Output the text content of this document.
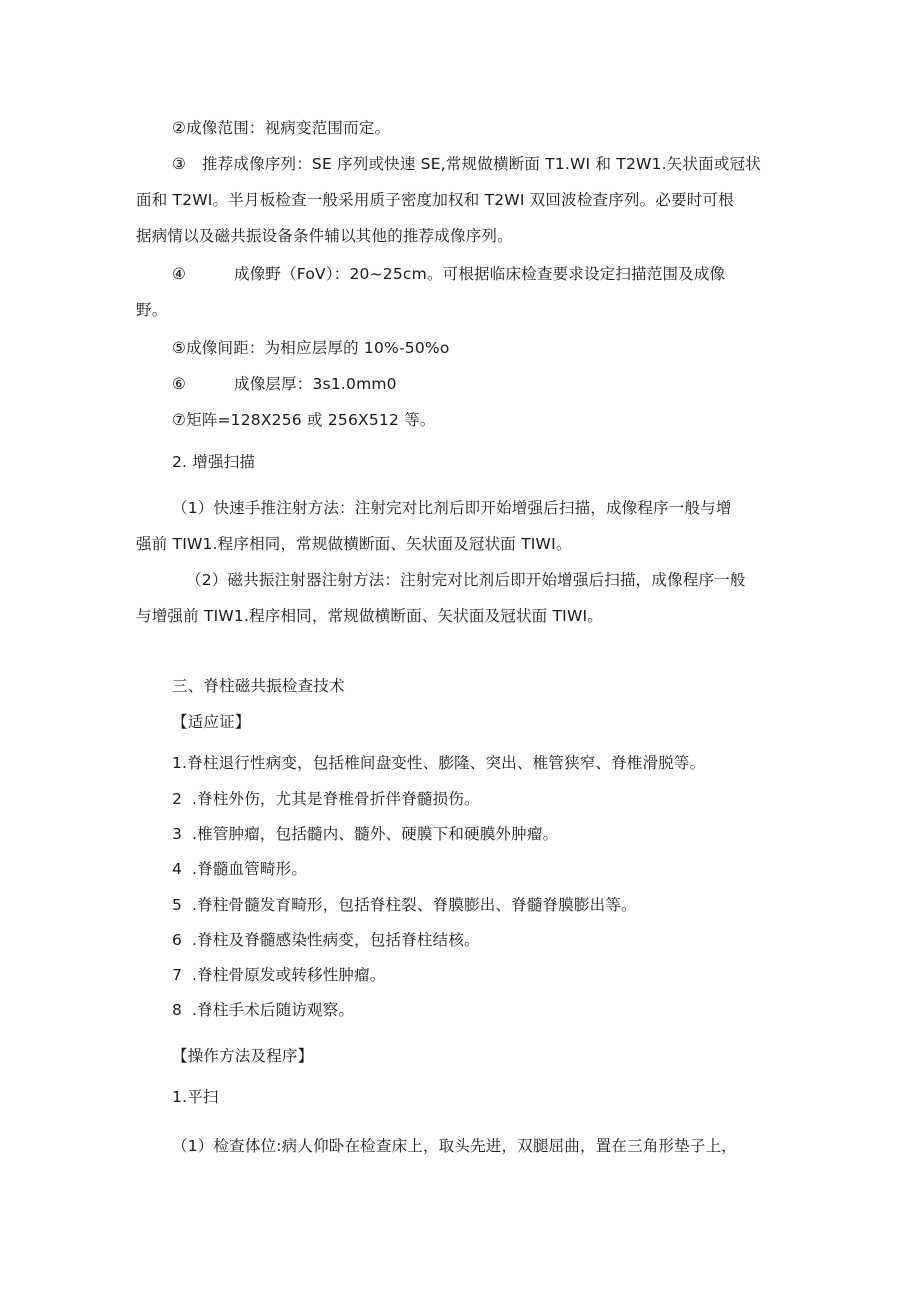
②成像范围：视病变范围而定。
③ 推荐成像序列：SE 序列或快速 SE,常规做横断面 T1.WI 和 T2W1.矢状面或冠状
面和 T2WI。半月板检查一般采用质子密度加权和 T2WI 双回波检查序列。必要时可根
据病情以及磁共振设备条件辅以其他的推荐成像序列。
④	成像野（FoV）：20~25cm。可根据临床检查要求设定扫描范围及成像
野。
⑤成像间距：为相应层厚的 10%-50%o
⑥	成像层厚：3s1.0mm0
⑦矩阵=128X256 或 256X512 等。
2. 增强扫描
（1）快速手推注射方法：注射完对比剂后即开始增强后扫描，成像程序一般与增
强前 TIW1.程序相同，常规做横断面、矢状面及冠状面 TIWI。
（2）磁共振注射器注射方法：注射完对比剂后即开始增强后扫描，成像程序一般
与增强前 TIW1.程序相同，常规做横断面、矢状面及冠状面 TIWI。
三、脊柱磁共振检查技术
【适应证】
1.脊柱退行性病变，包括椎间盘变性、膨隆、突出、椎管狭窄、脊椎滑脱等。
2 .脊柱外伤，尤其是脊椎骨折伴脊髓损伤。
3 .椎管肿瘤，包括髓内、髓外、硬膜下和硬膜外肿瘤。
4 .脊髓血管畸形。
5 .脊柱骨髓发育畸形，包括脊柱裂、脊膜膨出、脊髓脊膜膨出等。
6 .脊柱及脊髓感染性病变，包括脊柱结核。
7 .脊柱骨原发或转移性肿瘤。
8 .脊柱手术后随访观察。
【操作方法及程序】
1.平扫
（1）检查体位:病人仰卧在检查床上，取头先进，双腿屈曲，置在三角形垫子上，
